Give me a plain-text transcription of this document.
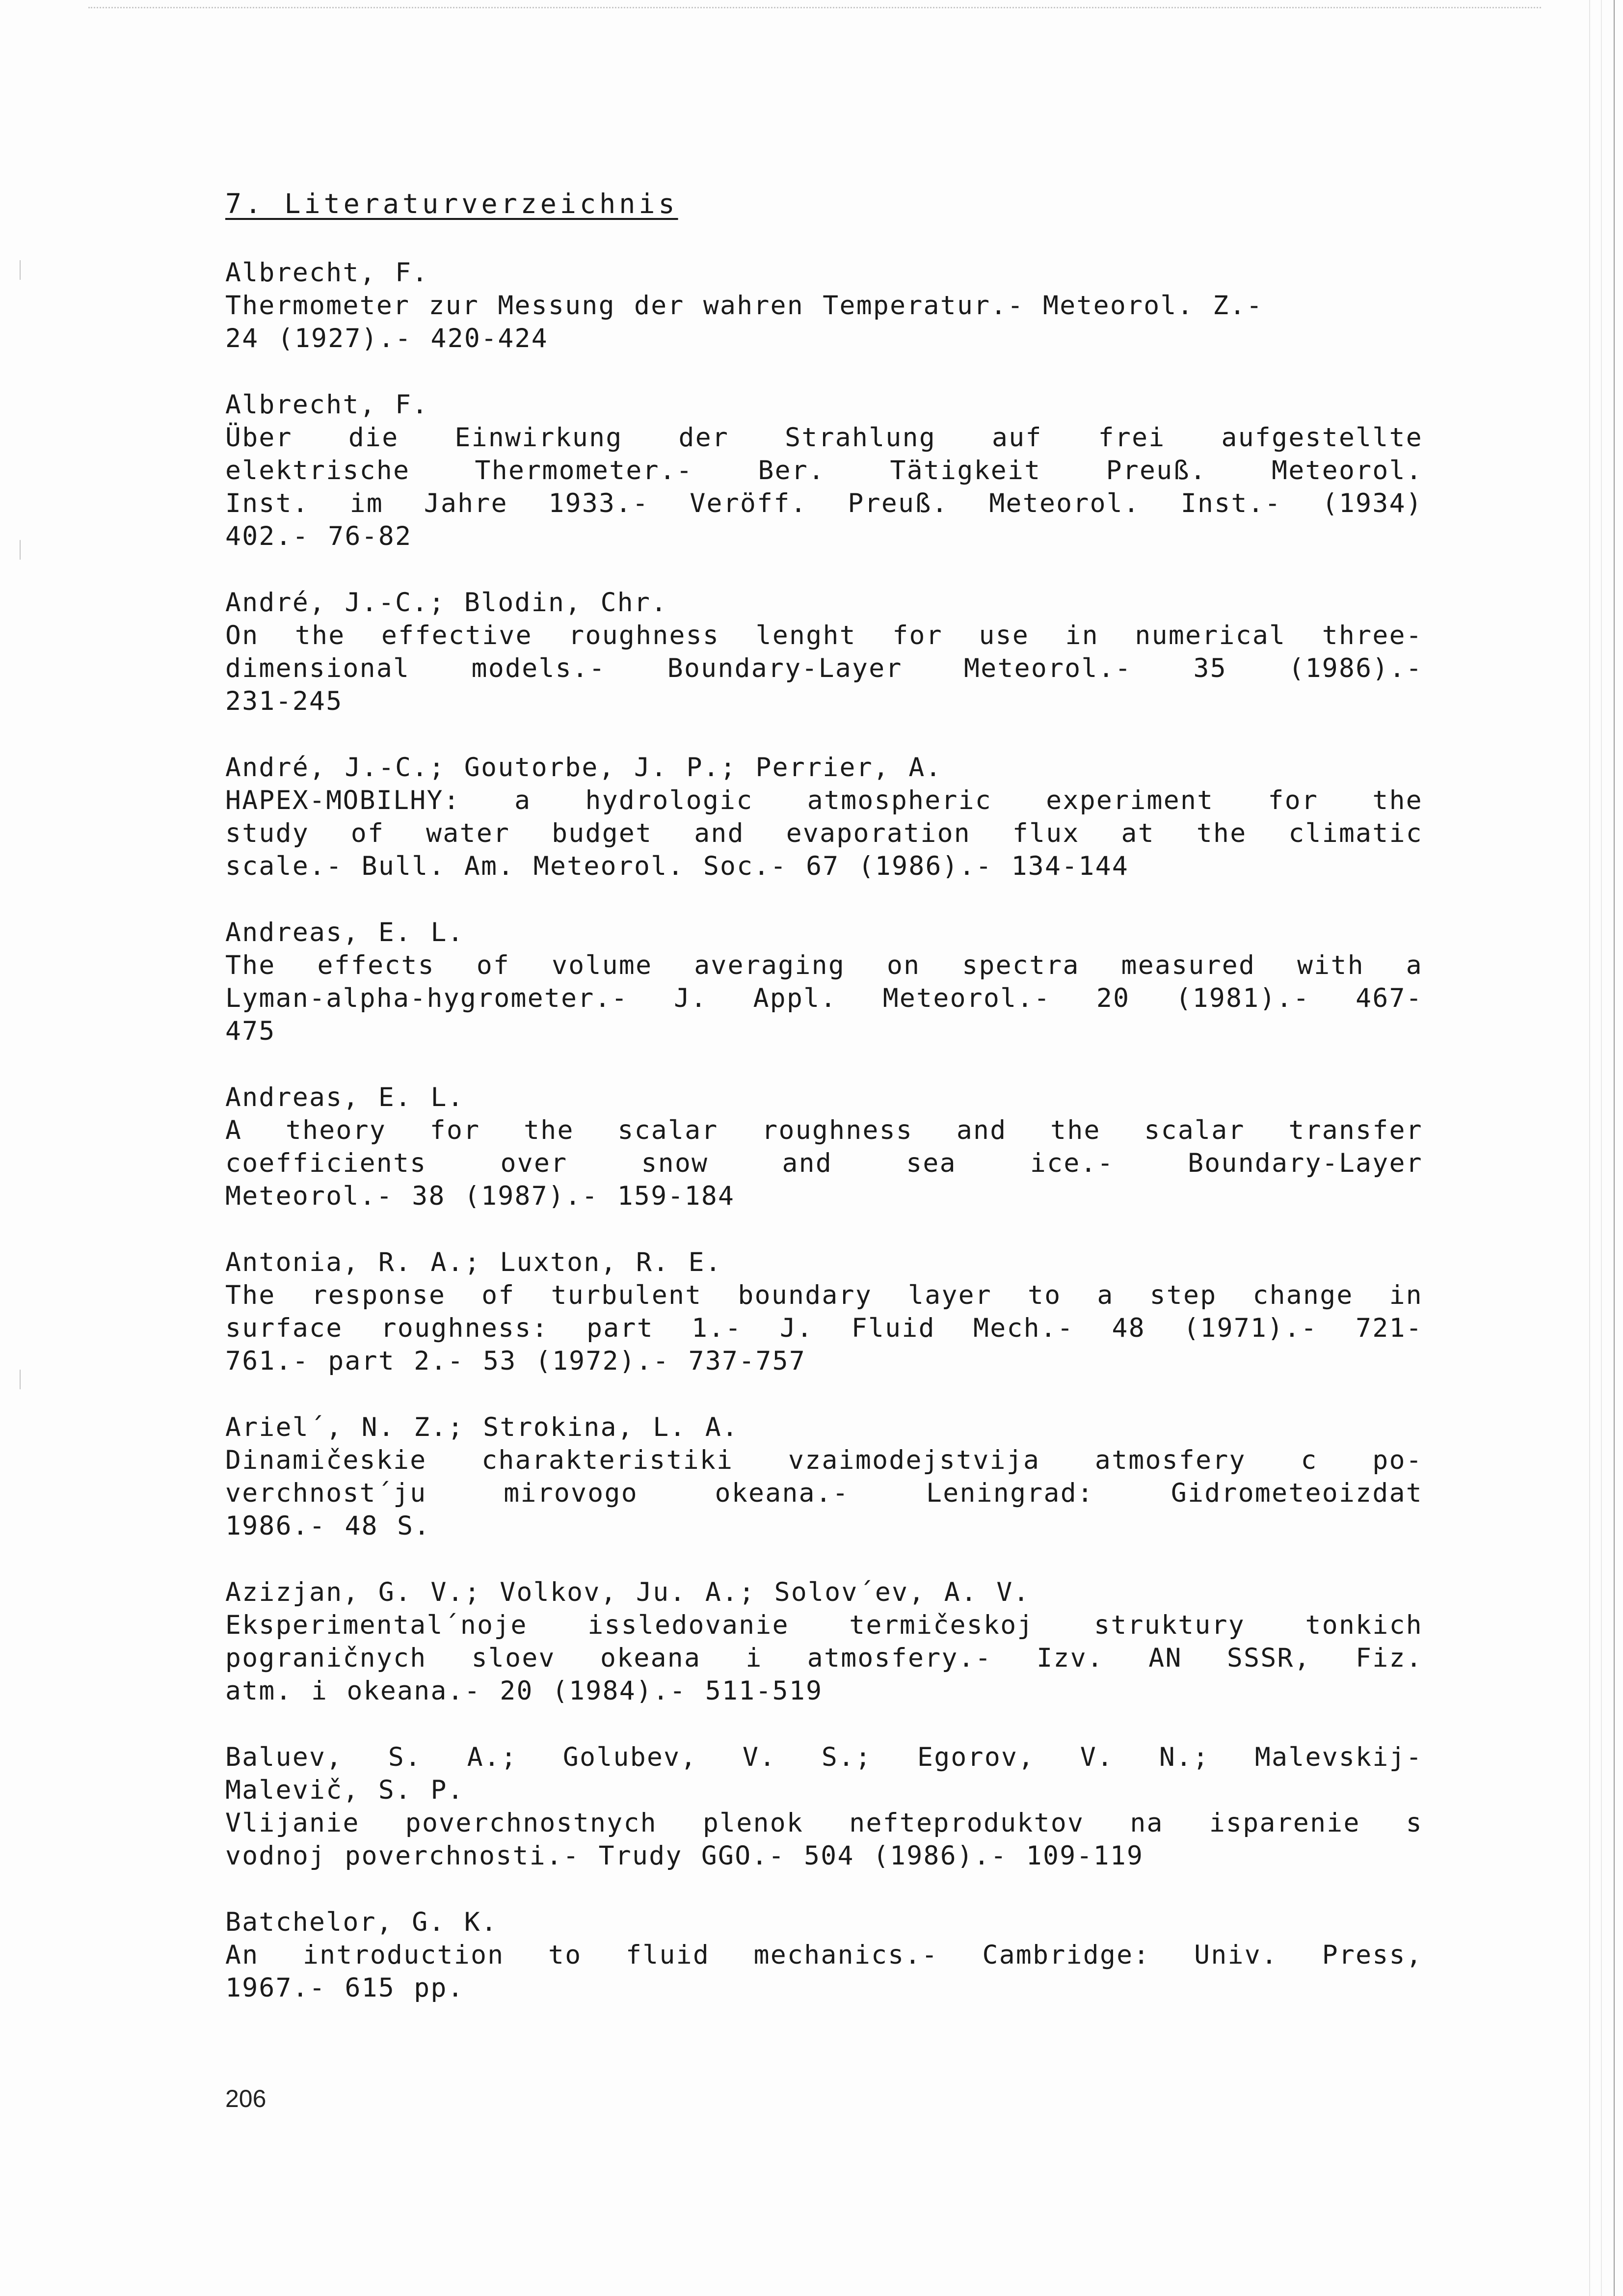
7. Literaturverzeichnis
Albrecht, F.
Thermometer zur Messung der wahren Temperatur.- Meteorol. Z.-
24 (1927).- 420-424
Albrecht, F.
Über die Einwirkung der Strahlung auf frei aufgestellte
elektrische Thermometer.- Ber. Tätigkeit Preuß. Meteorol.
Inst. im Jahre 1933.- Veröff. Preuß. Meteorol. Inst.- (1934)
402.- 76-82
André, J.-C.; Blodin, Chr.
On the effective roughness lenght for use in numerical three-
dimensional models.- Boundary-Layer Meteorol.- 35 (1986).-
231-245
André, J.-C.; Goutorbe, J. P.; Perrier, A.
HAPEX-MOBILHY: a hydrologic atmospheric experiment for the
study of water budget and evaporation flux at the climatic
scale.- Bull. Am. Meteorol. Soc.- 67 (1986).- 134-144
Andreas, E. L.
The effects of volume averaging on spectra measured with a
Lyman-alpha-hygrometer.- J. Appl. Meteorol.- 20 (1981).- 467-
475
Andreas, E. L.
A theory for the scalar roughness and the scalar transfer
coefficients over snow and sea ice.- Boundary-Layer
Meteorol.- 38 (1987).- 159-184
Antonia, R. A.; Luxton, R. E.
The response of turbulent boundary layer to a step change in
surface roughness: part 1.- J. Fluid Mech.- 48 (1971).- 721-
761.- part 2.- 53 (1972).- 737-757
Ariel´, N. Z.; Strokina, L. A.
Dinamičeskie charakteristiki vzaimodejstvija atmosfery c po-
verchnost´ju mirovogo okeana.- Leningrad: Gidrometeoizdat
1986.- 48 S.
Azizjan, G. V.; Volkov, Ju. A.; Solov´ev, A. V.
Eksperimental´noje issledovanie termičeskoj struktury tonkich
pograničnych sloev okeana i atmosfery.- Izv. AN SSSR, Fiz.
atm. i okeana.- 20 (1984).- 511-519
Baluev, S. A.; Golubev, V. S.; Egorov, V. N.; Malevskij-
Malevič, S. P.
Vlijanie poverchnostnych plenok nefteproduktov na isparenie s
vodnoj poverchnosti.- Trudy GGO.- 504 (1986).- 109-119
Batchelor, G. K.
An introduction to fluid mechanics.- Cambridge: Univ. Press,
1967.- 615 pp.
206
